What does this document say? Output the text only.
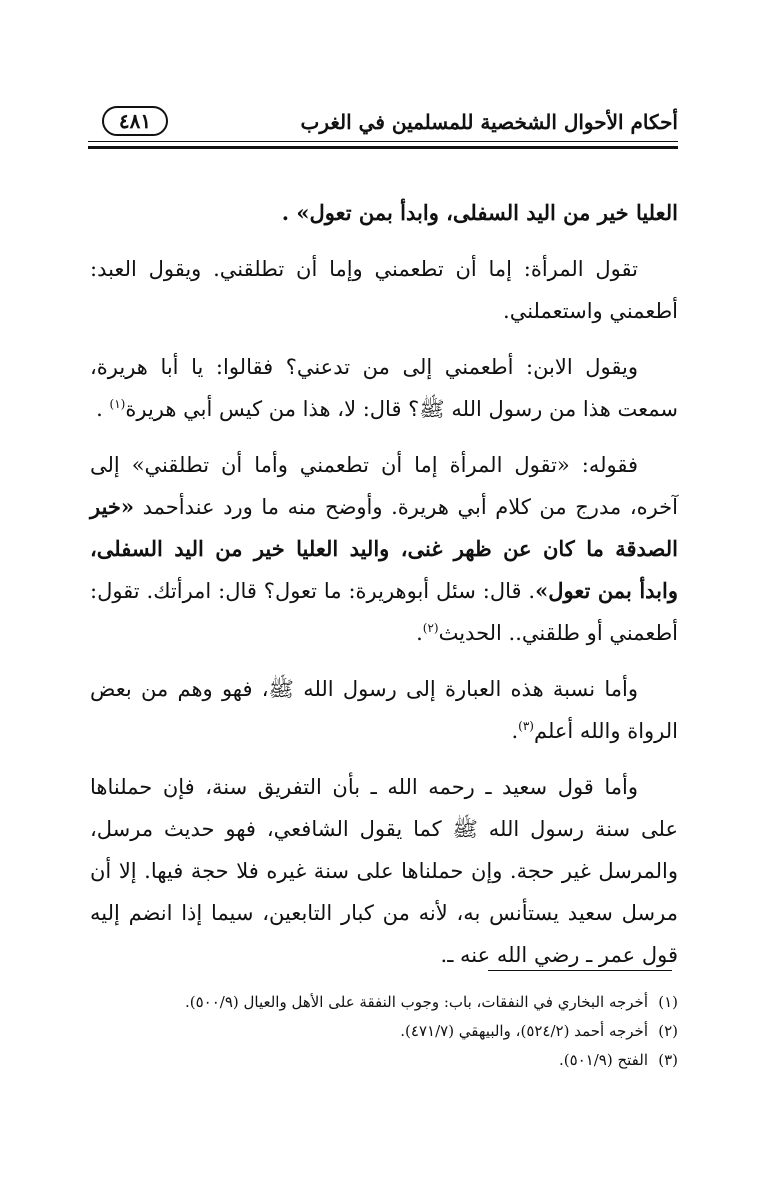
أحكام الأحوال الشخصية للمسلمين في الغرب
٤٨١

العليا خير من اليد السفلى، وابدأ بمن تعول» .

تقول المرأة: إما أن تطعمني وإما أن تطلقني. ويقول العبد: أطعمني واستعملني.

ويقول الابن: أطعمني إلى من تدعني؟ فقالوا: يا أبا هريرة، سمعت هذا من رسول الله ﷺ؟ قال: لا، هذا من كيس أبي هريرة$^{(١)}$ .

فقوله: «تقول المرأة إما أن تطعمني وأما أن تطلقني» إلى آخره، مدرج من كلام أبي هريرة. وأوضح منه ما ورد عندأحمد «خير الصدقة ما كان عن ظهر غنى، واليد العليا خير من اليد السفلى، وابدأ بمن تعول». قال: سئل أبوهريرة: ما تعول؟ قال: امرأتك. تقول: أطعمني أو طلقني.. الحديث$^{(٢)}$.

وأما نسبة هذه العبارة إلى رسول الله ﷺ، فهو وهم من بعض الرواة والله أعلم$^{(٣)}$.

وأما قول سعيد ـ رحمه الله ـ بأن التفريق سنة، فإن حملناها على سنة رسول الله ﷺ كما يقول الشافعي، فهو حديث مرسل، والمرسل غير حجة. وإن حملناها على سنة غيره فلا حجة فيها. إلا أن مرسل سعيد يستأنس به، لأنه من كبار التابعين، سيما إذا انضم إليه قول عمر ـ رضي الله عنه ـ.

(١)أخرجه البخاري في النفقات، باب: وجوب النفقة على الأهل والعيال (٥٠٠/٩).

(٢)أخرجه أحمد (٥٢٤/٢)، والبيهقي (٤٧١/٧).

(٣)الفتح (٥٠١/٩).
